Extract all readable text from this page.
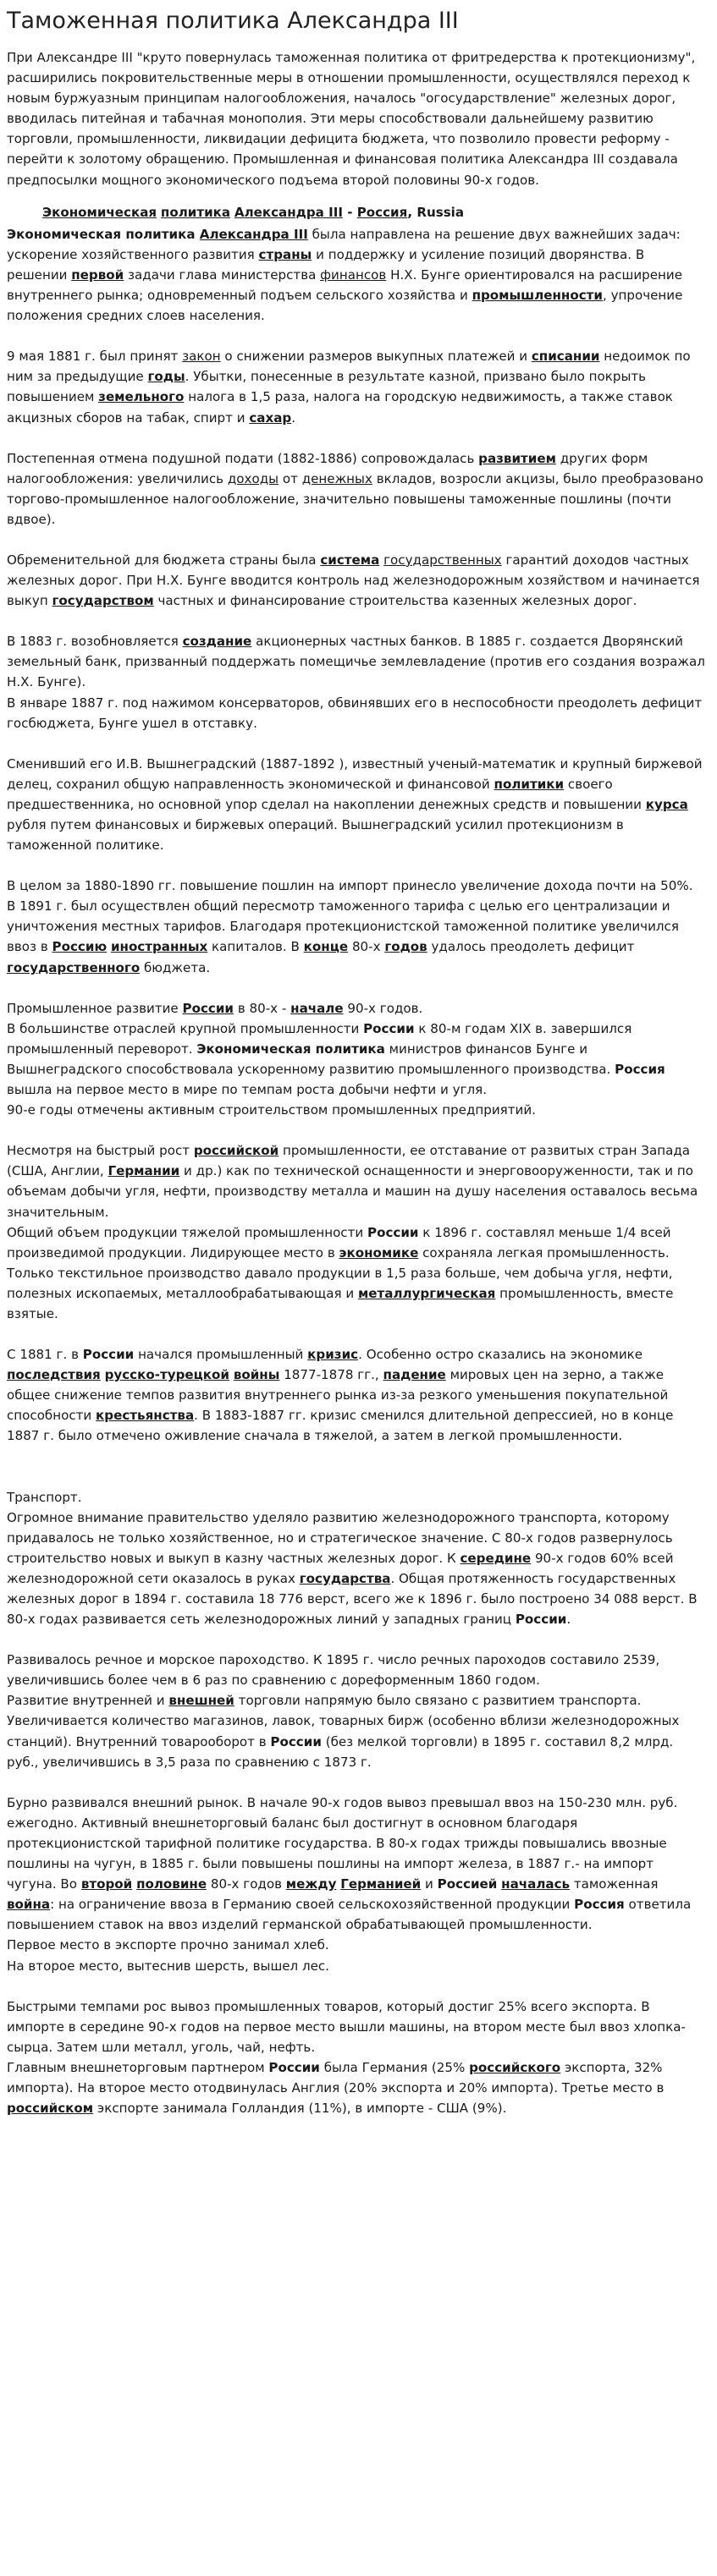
Таможенная политика Александра III

При Александре III "круто повернулась таможенная политика от фритредерства к протекционизму", расширились покровительственные меры в отношении промышленности, осуществлялся переход к новым буржуазным принципам налогообложения, началось "огосударствление" железных дорог, вводилась питейная и табачная монополия. Эти меры способствовали дальнейшему развитию торговли, промышленности, ликвидации дефицита бюджета, что позволило провести реформу - перейти к золотому обращению. Промышленная и финансовая политика Александра III создавала предпосылки мощного экономического подъема второй половины 90-х годов.

Экономическая политика Александра III - Россия, Russia

Экономическая политика Александра III была направлена на решение двух важнейших задач: ускорение хозяйственного развития страны и поддержку и усиление позиций дворянства. В решении первой задачи глава министерства финансов Н.Х. Бунге ориентировался на расширение внутреннего рынка; одновременный подъем сельского хозяйства и промышленности, упрочение положения средних слоев населения.

9 мая 1881 г. был принят закон о снижении размеров выкупных платежей и списании недоимок по ним за предыдущие годы. Убытки, понесенные в результате казной, призвано было покрыть повышением земельного налога в 1,5 раза, налога на городскую недвижимость, а также ставок акцизных сборов на табак, спирт и сахар.

Постепенная отмена подушной подати (1882-1886) сопровождалась развитием других форм налогообложения: увеличились доходы от денежных вкладов, возросли акцизы, было преобразовано торгово-промышленное налогообложение, значительно повышены таможенные пошлины (почти вдвое).

Обременительной для бюджета страны была система государственных гарантий доходов частных железных дорог. При Н.Х. Бунге вводится контроль над железнодорожным хозяйством и начинается выкуп государством частных и финансирование строительства казенных железных дорог.

В 1883 г. возобновляется создание акционерных частных банков. В 1885 г. создается Дворянский земельный банк, призванный поддержать помещичье землевладение (против его создания возражал Н.Х. Бунге).
В январе 1887 г. под нажимом консерваторов, обвинявших его в неспособности преодолеть дефицит госбюджета, Бунге ушел в отставку.

Сменивший его И.В. Вышнеградский (1887-1892 ), известный ученый-математик и крупный биржевой делец, сохранил общую направленность экономической и финансовой политики своего предшественника, но основной упор сделал на накоплении денежных средств и повышении курса рубля путем финансовых и биржевых операций. Вышнеградский усилил протекционизм в таможенной политике.

В целом за 1880-1890 гг. повышение пошлин на импорт принесло увеличение дохода почти на 50%. В 1891 г. был осуществлен общий пересмотр таможенного тарифа с целью его централизации и уничтожения местных тарифов. Благодаря протекционистской таможенной политике увеличился ввоз в Россию иностранных капиталов. В конце 80-х годов удалось преодолеть дефицит государственного бюджета.

Промышленное развитие России в 80-х - начале 90-х годов.
В большинстве отраслей крупной промышленности России к 80-м годам XIX в. завершился промышленный переворот. Экономическая политика министров финансов Бунге и Вышнеградского способствовала ускоренному развитию промышленного производства. Россия вышла на первое место в мире по темпам роста добычи нефти и угля.
90-е годы отмечены активным строительством промышленных предприятий.

Несмотря на быстрый рост российской промышленности, ее отставание от развитых стран Запада (США, Англии, Германии и др.) как по технической оснащенности и энерговооруженности, так и по объемам добычи угля, нефти, производству металла и машин на душу населения оставалось весьма значительным.
Общий объем продукции тяжелой промышленности России к 1896 г. составлял меньше 1/4 всей произведимой продукции. Лидирующее место в экономике сохраняла легкая промышленность. Только текстильное производство давало продукции в 1,5 раза больше, чем добыча угля, нефти, полезных ископаемых, металлообрабатывающая и металлургическая промышленность, вместе взятые.

С 1881 г. в России начался промышленный кризис. Особенно остро сказались на экономике последствия русско-турецкой войны 1877-1878 гг., падение мировых цен на зерно, а также общее снижение темпов развития внутреннего рынка из-за резкого уменьшения покупательной способности крестьянства. В 1883-1887 гг. кризис сменился длительной депрессией, но в конце 1887 г. было отмечено оживление сначала в тяжелой, а затем в легкой промышленности.

Транспорт.
Огромное внимание правительство уделяло развитию железнодорожного транспорта, которому придавалось не только хозяйственное, но и стратегическое значение. С 80-х годов развернулось строительство новых и выкуп в казну частных железных дорог. К середине 90-х годов 60% всей железнодорожной сети оказалось в руках государства. Общая протяженность государственных железных дорог в 1894 г. составила 18 776 верст, всего же к 1896 г. было построено 34 088 верст. В 80-х годах развивается сеть железнодорожных линий у западных границ России.

Развивалось речное и морское пароходство. К 1895 г. число речных пароходов составило 2539, увеличившись более чем в 6 раз по сравнению с дореформенным 1860 годом.
Развитие внутренней и внешней торговли напрямую было связано с развитием транспорта. Увеличивается количество магазинов, лавок, товарных бирж (особенно вблизи железнодорожных станций). Внутренний товарооборот в России (без мелкой торговли) в 1895 г. составил 8,2 млрд. руб., увеличившись в 3,5 раза по сравнению с 1873 г.

Бурно развивался внешний рынок. В начале 90-х годов вывоз превышал ввоз на 150-230 млн. руб. ежегодно. Активный внешнеторговый баланс был достигнут в основном благодаря протекционистской тарифной политике государства. В 80-х годах трижды повышались ввозные пошлины на чугун, в 1885 г. были повышены пошлины на импорт железа, в 1887 г.- на импорт чугуна. Во второй половине 80-х годов между Германией и Россией началась таможенная война: на ограничение ввоза в Германию своей сельскохозяйственной продукции Россия ответила повышением ставок на ввоз изделий германской обрабатывающей промышленности.
Первое место в экспорте прочно занимал хлеб.
На второе место, вытеснив шерсть, вышел лес.

Быстрыми темпами рос вывоз промышленных товаров, который достиг 25% всего экспорта. В импорте в середине 90-х годов на первое место вышли машины, на втором месте был ввоз хлопка-сырца. Затем шли металл, уголь, чай, нефть.
Главным внешнеторговым партнером России была Германия (25% российского экспорта, 32% импорта). На второе место отодвинулась Англия (20% экспорта и 20% импорта). Третье место в российском экспорте занимала Голландия (11%), в импорте - США (9%).
